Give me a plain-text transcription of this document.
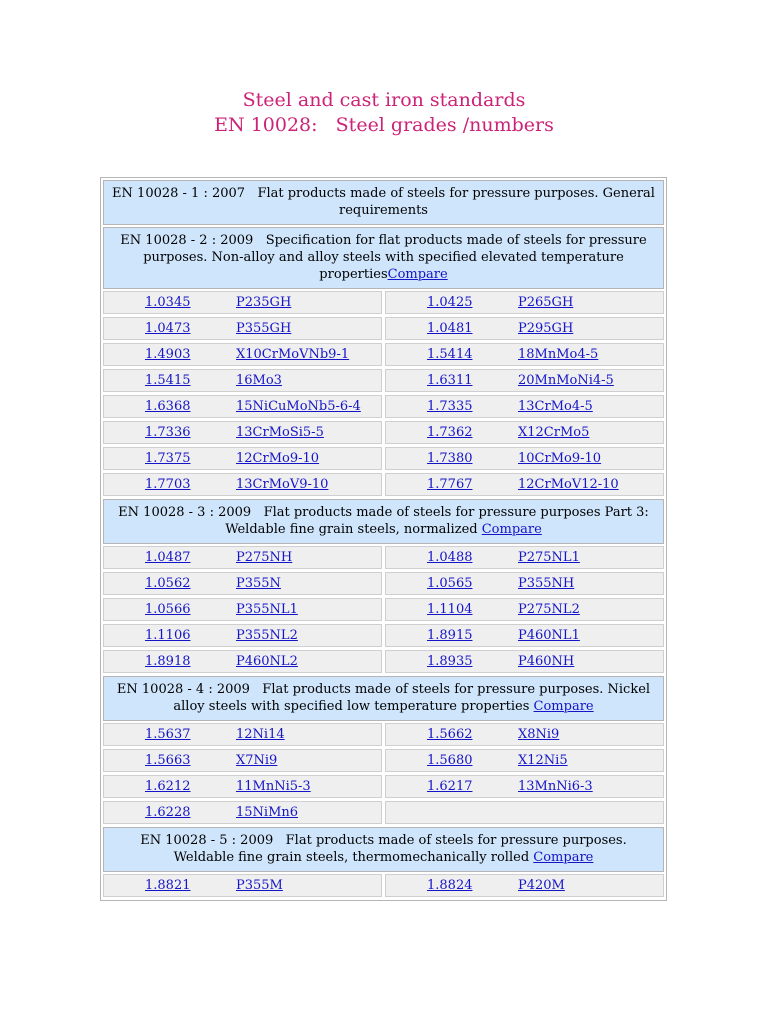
Steel and cast iron standards
EN 10028:   Steel grades /numbers
EN 10028 - 1 : 2007   Flat products made of steels for pressure purposes. General requirements
EN 10028 - 2 : 2009   Specification for flat products made of steels for pressure purposes. Non-alloy and alloy steels with specified elevated temperature propertiesCompare
1.0345	P235GH	1.0425	P265GH
1.0473	P355GH	1.0481	P295GH
1.4903	X10CrMoVNb9-1	1.5414	18MnMo4-5
1.5415	16Mo3	1.6311	20MnMoNi4-5
1.6368	15NiCuMoNb5-6-4	1.7335	13CrMo4-5
1.7336	13CrMoSi5-5	1.7362	X12CrMo5
1.7375	12CrMo9-10	1.7380	10CrMo9-10
1.7703	13CrMoV9-10	1.7767	12CrMoV12-10
EN 10028 - 3 : 2009   Flat products made of steels for pressure purposes Part 3: Weldable fine grain steels, normalized Compare
1.0487	P275NH	1.0488	P275NL1
1.0562	P355N	1.0565	P355NH
1.0566	P355NL1	1.1104	P275NL2
1.1106	P355NL2	1.8915	P460NL1
1.8918	P460NL2	1.8935	P460NH
EN 10028 - 4 : 2009   Flat products made of steels for pressure purposes. Nickel alloy steels with specified low temperature properties Compare
1.5637	12Ni14	1.5662	X8Ni9
1.5663	X7Ni9	1.5680	X12Ni5
1.6212	11MnNi5-3	1.6217	13MnNi6-3
1.6228	15NiMn6
EN 10028 - 5 : 2009   Flat products made of steels for pressure purposes. Weldable fine grain steels, thermomechanically rolled Compare
1.8821	P355M	1.8824	P420M
